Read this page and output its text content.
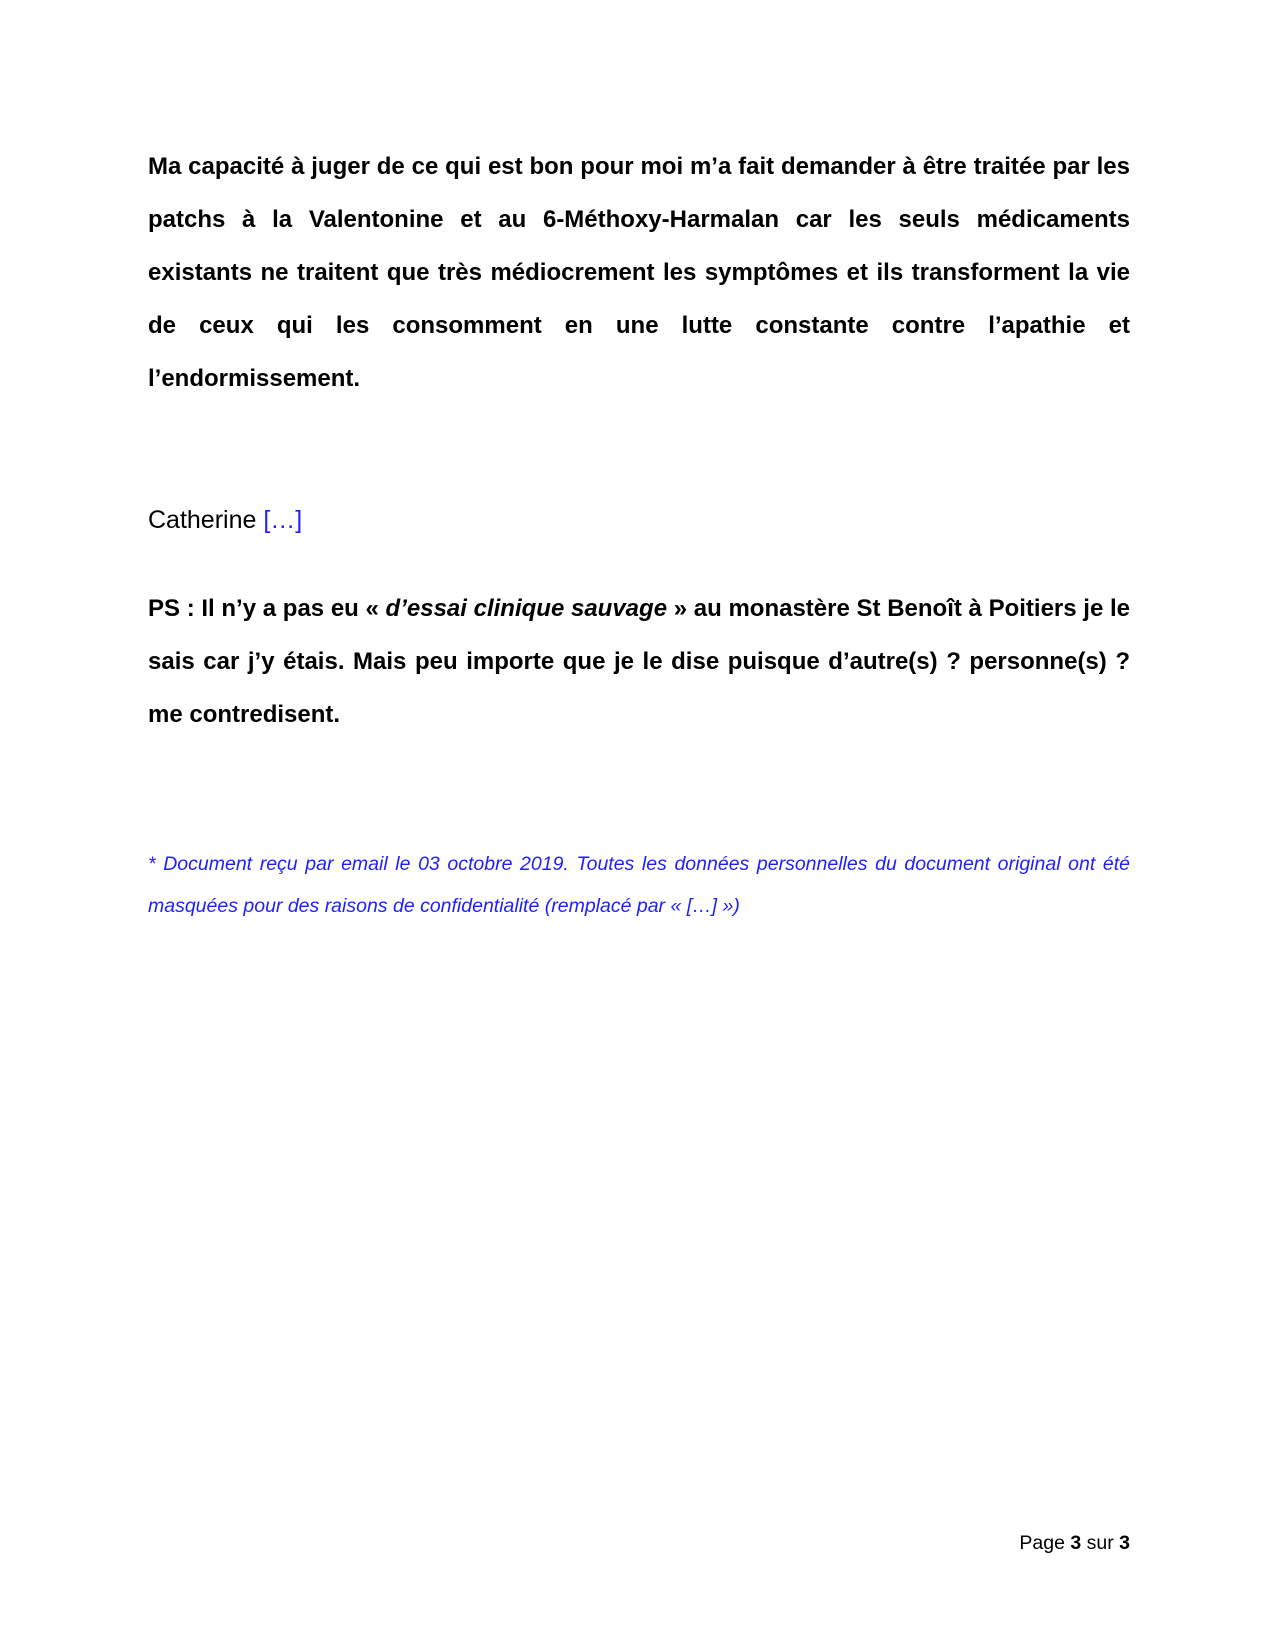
Ma capacité à juger de ce qui est bon pour moi m’a fait demander à être traitée par les patchs à la Valentonine et au 6-Méthoxy-Harmalan car les seuls médicaments existants ne traitent que très médiocrement les symptômes et ils transforment la vie de ceux qui les consomment en une lutte constante contre l’apathie et l’endormissement.

Catherine […]

PS : Il n’y a pas eu « d’essai clinique sauvage » au monastère St Benoît à Poitiers je le sais car j’y étais. Mais peu importe que je le dise puisque d’autre(s) ? personne(s) ? me contredisent.

* Document reçu par email le 03 octobre 2019. Toutes les données personnelles du document original ont été masquées pour des raisons de confidentialité (remplacé par « […] »)

Page 3 sur 3
